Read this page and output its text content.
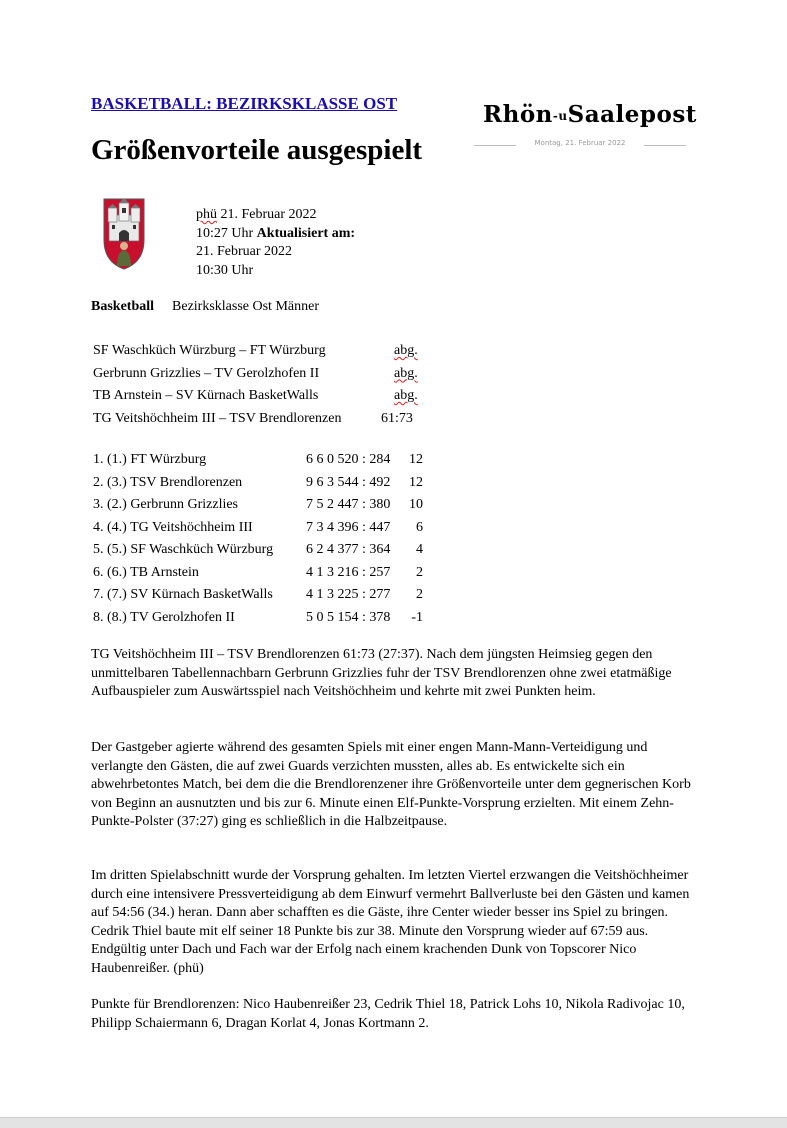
BASKETBALL: BEZIRKSKLASSE OST
Größenvorteile ausgespielt
Rhön-uSaalepost
Montag, 21. Februar 2022
phü 21. Februar 2022
10:27 Uhr Aktualisiert am:
21. Februar 2022
10:30 Uhr
Basketball Bezirksklasse Ost Männer
SF Waschküch Würzburg – FT Würzburg	abg.
Gerbrunn Grizzlies – TV Gerolzhofen II	abg.
TB Arnstein – SV Kürnach BasketWalls	abg.
TG Veitshöchheim III – TSV Brendlorenzen	61:73
1. (1.) FT Würzburg	6 6 0 520 : 284 12
2. (3.) TSV Brendlorenzen	9 6 3 544 : 492 12
3. (2.) Gerbrunn Grizzlies	7 5 2 447 : 380 10
4. (4.) TG Veitshöchheim III	7 3 4 396 : 447 6
5. (5.) SF Waschküch Würzburg 6 2 4 377 : 364 4
6. (6.) TB Arnstein	4 1 3 216 : 257 2
7. (7.) SV Kürnach BasketWalls 4 1 3 225 : 277 2
8. (8.) TV Gerolzhofen II	5 0 5 154 : 378 -1
TG Veitshöchheim III – TSV Brendlorenzen 61:73 (27:37). Nach dem jüngsten Heimsieg gegen den unmittelbaren Tabellennachbarn Gerbrunn Grizzlies fuhr der TSV Brendlorenzen ohne zwei etatmäßige Aufbauspieler zum Auswärtsspiel nach Veitshöchheim und kehrte mit zwei Punkten heim.
Der Gastgeber agierte während des gesamten Spiels mit einer engen Mann-Mann-Verteidigung und verlangte den Gästen, die auf zwei Guards verzichten mussten, alles ab. Es entwickelte sich ein abwehrbetontes Match, bei dem die die Brendlorenzener ihre Größenvorteile unter dem gegnerischen Korb von Beginn an ausnutzten und bis zur 6. Minute einen Elf-Punkte-Vorsprung erzielten. Mit einem Zehn-Punkte-Polster (37:27) ging es schließlich in die Halbzeitpause.
Im dritten Spielabschnitt wurde der Vorsprung gehalten. Im letzten Viertel erzwangen die Veitshöchheimer durch eine intensivere Pressverteidigung ab dem Einwurf vermehrt Ballverluste bei den Gästen und kamen auf 54:56 (34.) heran. Dann aber schafften es die Gäste, ihre Center wieder besser ins Spiel zu bringen. Cedrik Thiel baute mit elf seiner 18 Punkte bis zur 38. Minute den Vorsprung wieder auf 67:59 aus. Endgültig unter Dach und Fach war der Erfolg nach einem krachenden Dunk von Topscorer Nico Haubenreißer. (phü)
Punkte für Brendlorenzen: Nico Haubenreißer 23, Cedrik Thiel 18, Patrick Lohs 10, Nikola Radivojac 10, Philipp Schaiermann 6, Dragan Korlat 4, Jonas Kortmann 2.
